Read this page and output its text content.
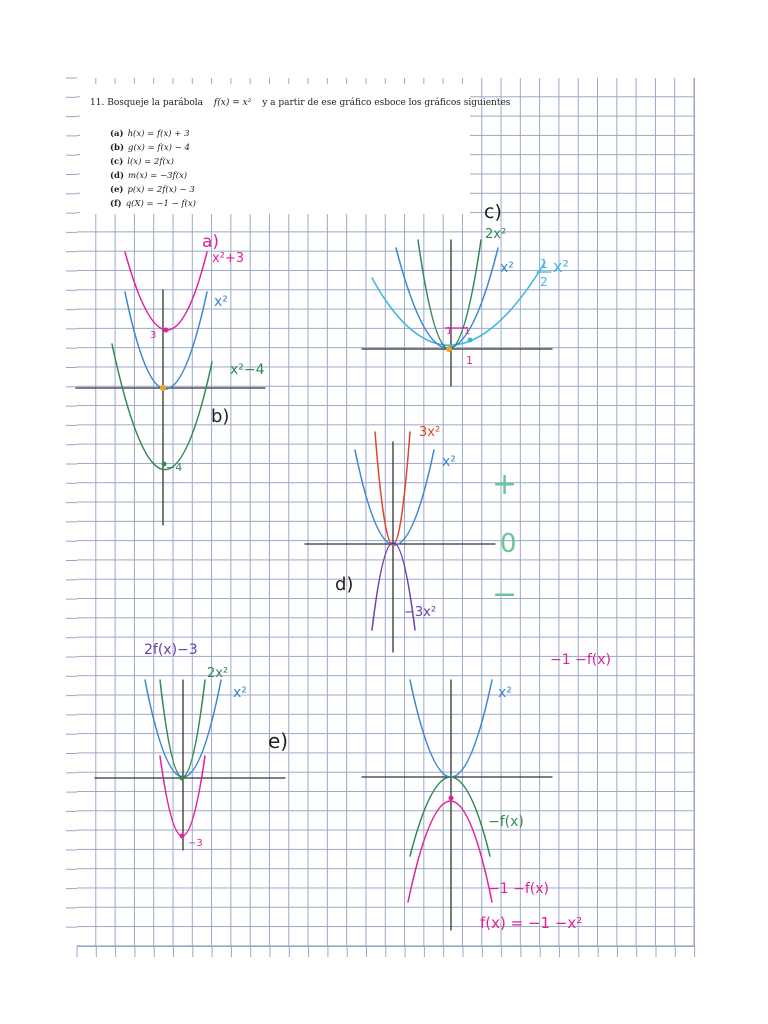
11. Bosqueje la parábola f(x) = x² y a partir de ese gráfico esboce los gráficos siguientes
(a) h(x) = f(x) + 3
(b) g(x) = f(x) − 4
(c) l(x) = 2f(x)
(d) m(x) = −3f(x)
(e) p(x) = 2f(x) − 3
(f) q(X) = −1 − f(x)
a)
x²+3
3
x²
x²−4
b)
−4
c)
2x²
x² 1
2
x²
1 1
1
3x²
x²
d)
−3x²
+
0
−
2f(x)−3
2x²
x²
e)
−3
−1 −f(x)
x²
−f(x)
−1 −f(x)
f(x) = −1 −x²
